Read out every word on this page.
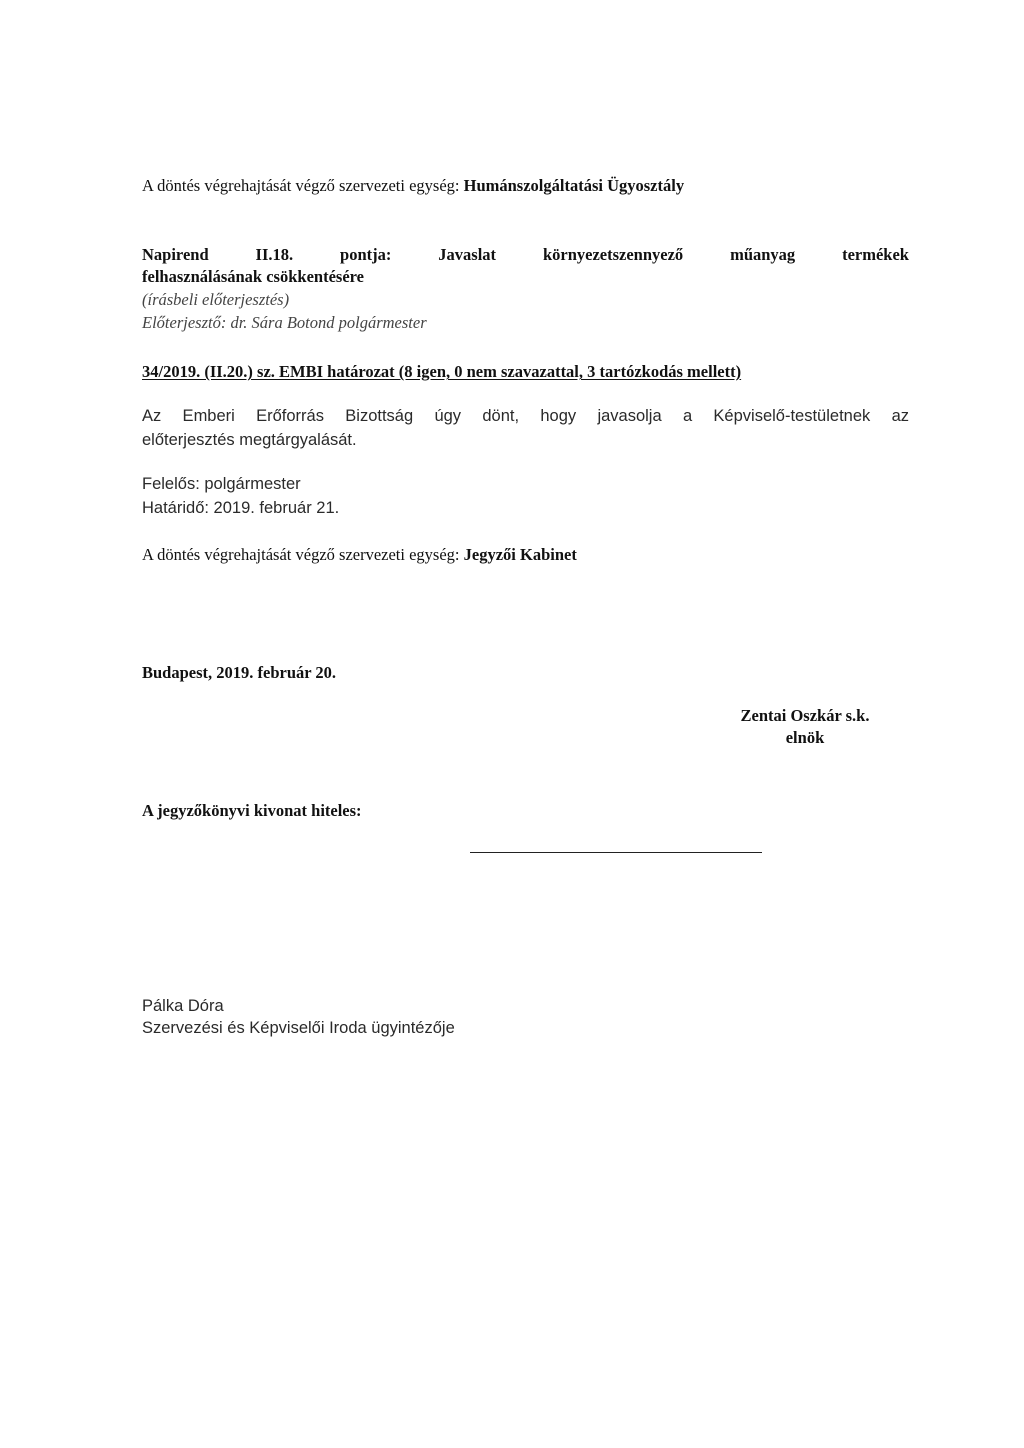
A döntés végrehajtását végző szervezeti egység: Humánszolgáltatási Ügyosztály
Napirend II.18. pontja: Javaslat környezetszennyező műanyag termékek
felhasználásának csökkentésére
(írásbeli előterjesztés)
Előterjesztő: dr. Sára Botond polgármester
34/2019. (II.20.) sz. EMBI határozat (8 igen, 0 nem szavazattal, 3 tartózkodás mellett)
Az Emberi Erőforrás Bizottság úgy dönt, hogy javasolja a Képviselő-testületnek az
előterjesztés megtárgyalását.
Felelős: polgármester
Határidő: 2019. február 21.
A döntés végrehajtását végző szervezeti egység: Jegyzői Kabinet
Budapest, 2019. február 20.
Zentai Oszkár s.k.
elnök
A jegyzőkönyvi kivonat hiteles:
Pálka Dóra
Szervezési és Képviselői Iroda ügyintézője
